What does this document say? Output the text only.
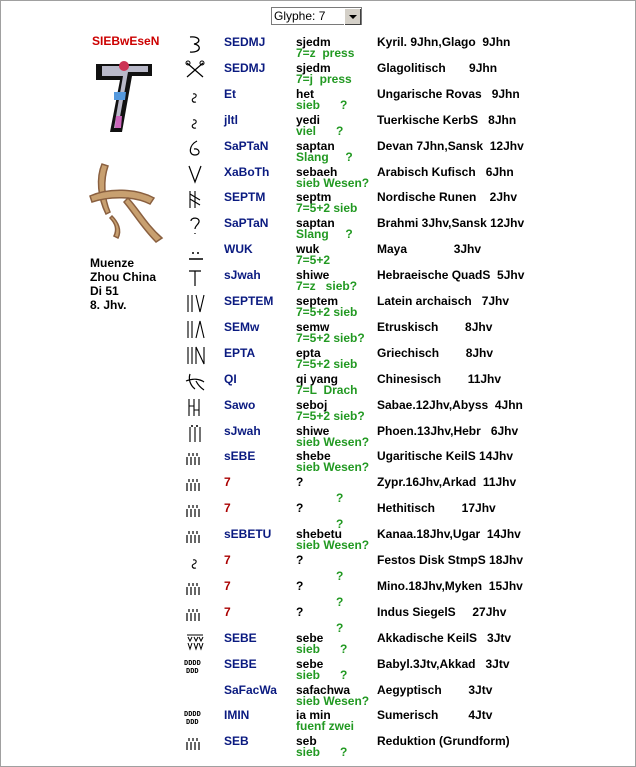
Glyphe: 7
SIEBwEseN
Muenze
Zhou China
Di 51
8. Jhv.
SEDMJ	sjedm
7=z  press
Kyril. 9Jhn,Glago  9Jhn
SEDMJ	sjedm
7=j  press
Glagolitisch       9Jhn
Et	het
sieb      ?
Ungarische Rovas   9Jhn
jltl	yedi
viel      ?
Tuerkische KerbS   8Jhn
SaPTaN saptan
Slang     ?
Devan 7Jhn,Sansk  12Jhv
XaBoTh sebaeh
sieb Wesen?
Arabisch Kufisch   6Jhn
SEPTM	septm
7=5+2 sieb
Nordische Runen    2Jhv
SaPTaN saptan
Slang     ?
Brahmi 3Jhv,Sansk 12Jhv
WUK	wuk
7=5+2
Maya              3Jhv
sJwah	shiwe
7=z   sieb?
Hebraeische QuadS  5Jhv
SEPTEM septem
7=5+2 sieb
Latein archaisch   7Jhv
SEMw	semw
7=5+2 sieb?
Etruskisch        8Jhv
EPTA	epta
7=5+2 sieb
Griechisch        8Jhv
QI	qi yang
7=L  Drach
Chinesisch        11Jhv
Sawo	seboj
7=5+2 sieb?
Sabae.12Jhv,Abyss  4Jhn
sJwah	shiwe
sieb Wesen?
Phoen.13Jhv,Hebr   6Jhv
sEBE	shebe
sieb Wesen?
Ugaritische KeilS 14Jhv
7	?
?
Zypr.16Jhv,Arkad  11Jhv
7	?
?
Hethitisch        17Jhv
sEBETU shebetu
sieb Wesen?
Kanaa.18Jhv,Ugar  14Jhv
7	?
?
Festos Disk StmpS 18Jhv
7	?
?
Mino.18Jhv,Myken  15Jhv
7	?
?
Indus SiegelS     27Jhv
SEBE	sebe
sieb      ?
Akkadische KeilS   3Jtv
DDDD
DDD SEBE	sebe
sieb      ?
Babyl.3Jtv,Akkad   3Jtv
SaFacWa safachwa
sieb Wesen?
Aegyptisch        3Jtv
DDDD
DDD IMIN	ia min
fuenf zwei
Sumerisch         4Jtv
SEB	seb
sieb      ?
Reduktion (Grundform)
